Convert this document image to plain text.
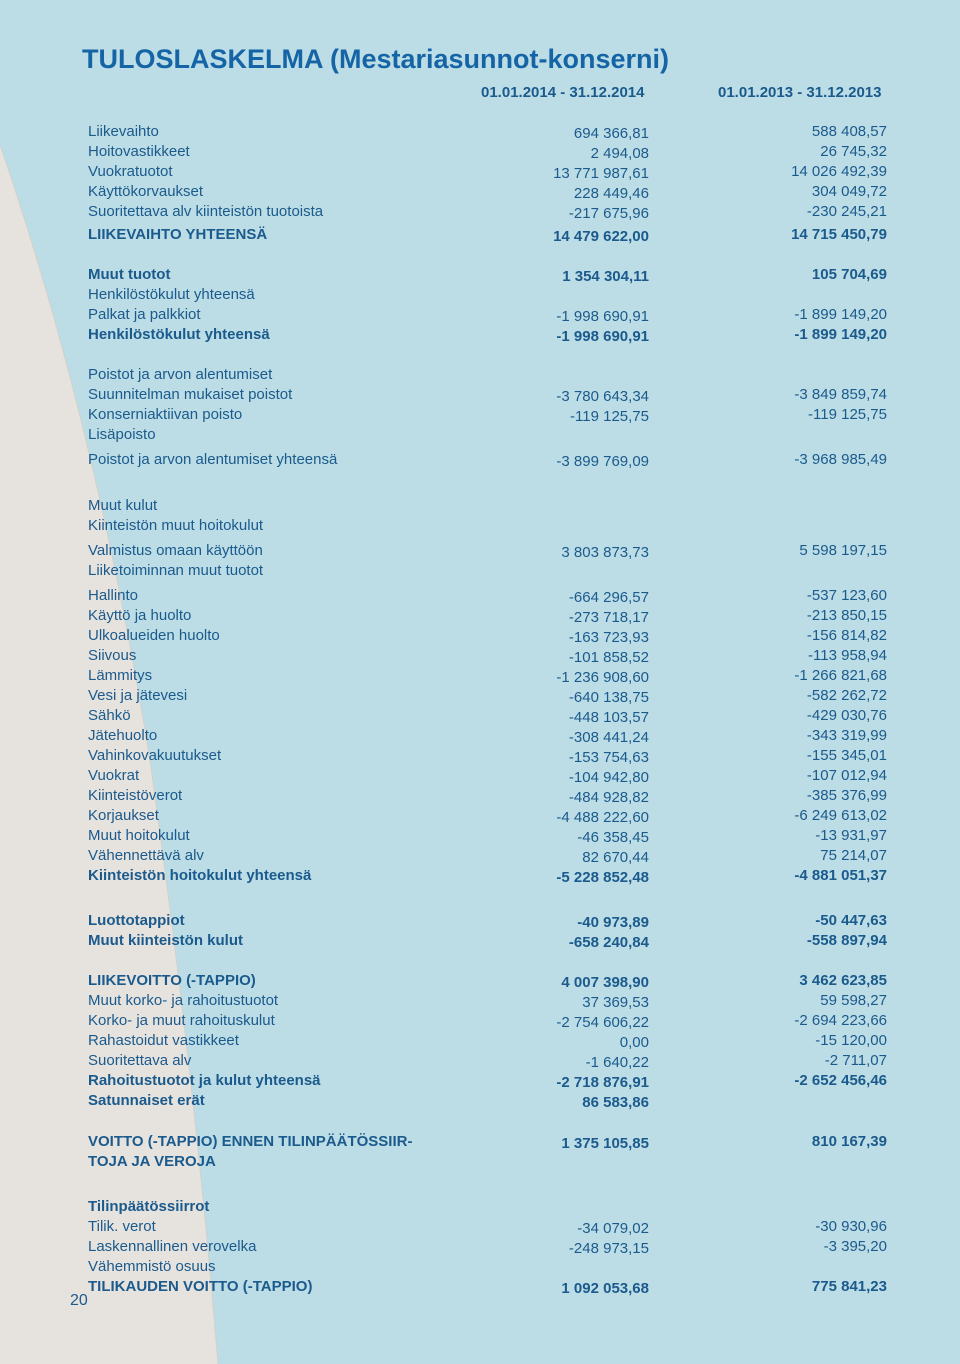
TULOSLASKELMA (Mestariasunnot-konserni)
01.01.2014 - 31.12.2014	01.01.2013 - 31.12.2013
Liikevaihto	694 366,81	588 408,57
Hoitovastikkeet	2 494,08	26 745,32
Vuokratuotot	13 771 987,61	14 026 492,39
Käyttökorvaukset	228 449,46	304 049,72
Suoritettava alv kiinteistön tuotoista	-217 675,96	-230 245,21
LIIKEVAIHTO YHTEENSÄ	14 479 622,00	14 715 450,79
Muut tuotot	1 354 304,11	105 704,69
Henkilöstökulut yhteensä
Palkat ja palkkiot	-1 998 690,91	-1 899 149,20
Henkilöstökulut yhteensä	-1 998 690,91	-1 899 149,20
Poistot ja arvon alentumiset
Suunnitelman mukaiset poistot	-3 780 643,34	-3 849 859,74
Konserniaktiivan poisto	-119 125,75	-119 125,75
Lisäpoisto
Poistot ja arvon alentumiset yhteensä	-3 899 769,09	-3 968 985,49
Muut kulut
Kiinteistön muut hoitokulut
Valmistus omaan käyttöön	3 803 873,73	5 598 197,15
Liiketoiminnan muut tuotot
Hallinto	-664 296,57	-537 123,60
Käyttö ja huolto	-273 718,17	-213 850,15
Ulkoalueiden huolto	-163 723,93	-156 814,82
Siivous	-101 858,52	-113 958,94
Lämmitys	-1 236 908,60	-1 266 821,68
Vesi ja jätevesi	-640 138,75	-582 262,72
Sähkö	-448 103,57	-429 030,76
Jätehuolto	-308 441,24	-343 319,99
Vahinkovakuutukset	-153 754,63	-155 345,01
Vuokrat	-104 942,80	-107 012,94
Kiinteistöverot	-484 928,82	-385 376,99
Korjaukset	-4 488 222,60	-6 249 613,02
Muut hoitokulut	-46 358,45	-13 931,97
Vähennettävä alv	82 670,44	75 214,07
Kiinteistön hoitokulut yhteensä	-5 228 852,48	-4 881 051,37
Luottotappiot	-40 973,89	-50 447,63
Muut kiinteistön kulut	-658 240,84	-558 897,94
LIIKEVOITTO (-TAPPIO)	4 007 398,90	3 462 623,85
Muut korko- ja rahoitustuotot	37 369,53	59 598,27
Korko- ja muut rahoituskulut	-2 754 606,22	-2 694 223,66
Rahastoidut vastikkeet	0,00	-15 120,00
Suoritettava alv	-1 640,22	-2 711,07
Rahoitustuotot ja kulut yhteensä	-2 718 876,91	-2 652 456,46
Satunnaiset erät	86 583,86
VOITTO (-TAPPIO) ENNEN TILINPÄÄTÖSSIIR-	1 375 105,85	810 167,39
TOJA JA VEROJA
Tilinpäätössiirrot
Tilik. verot	-34 079,02	-30 930,96
Laskennallinen verovelka	-248 973,15	-3 395,20
Vähemmistö osuus
TILIKAUDEN VOITTO (-TAPPIO)	1 092 053,68	775 841,23
20
